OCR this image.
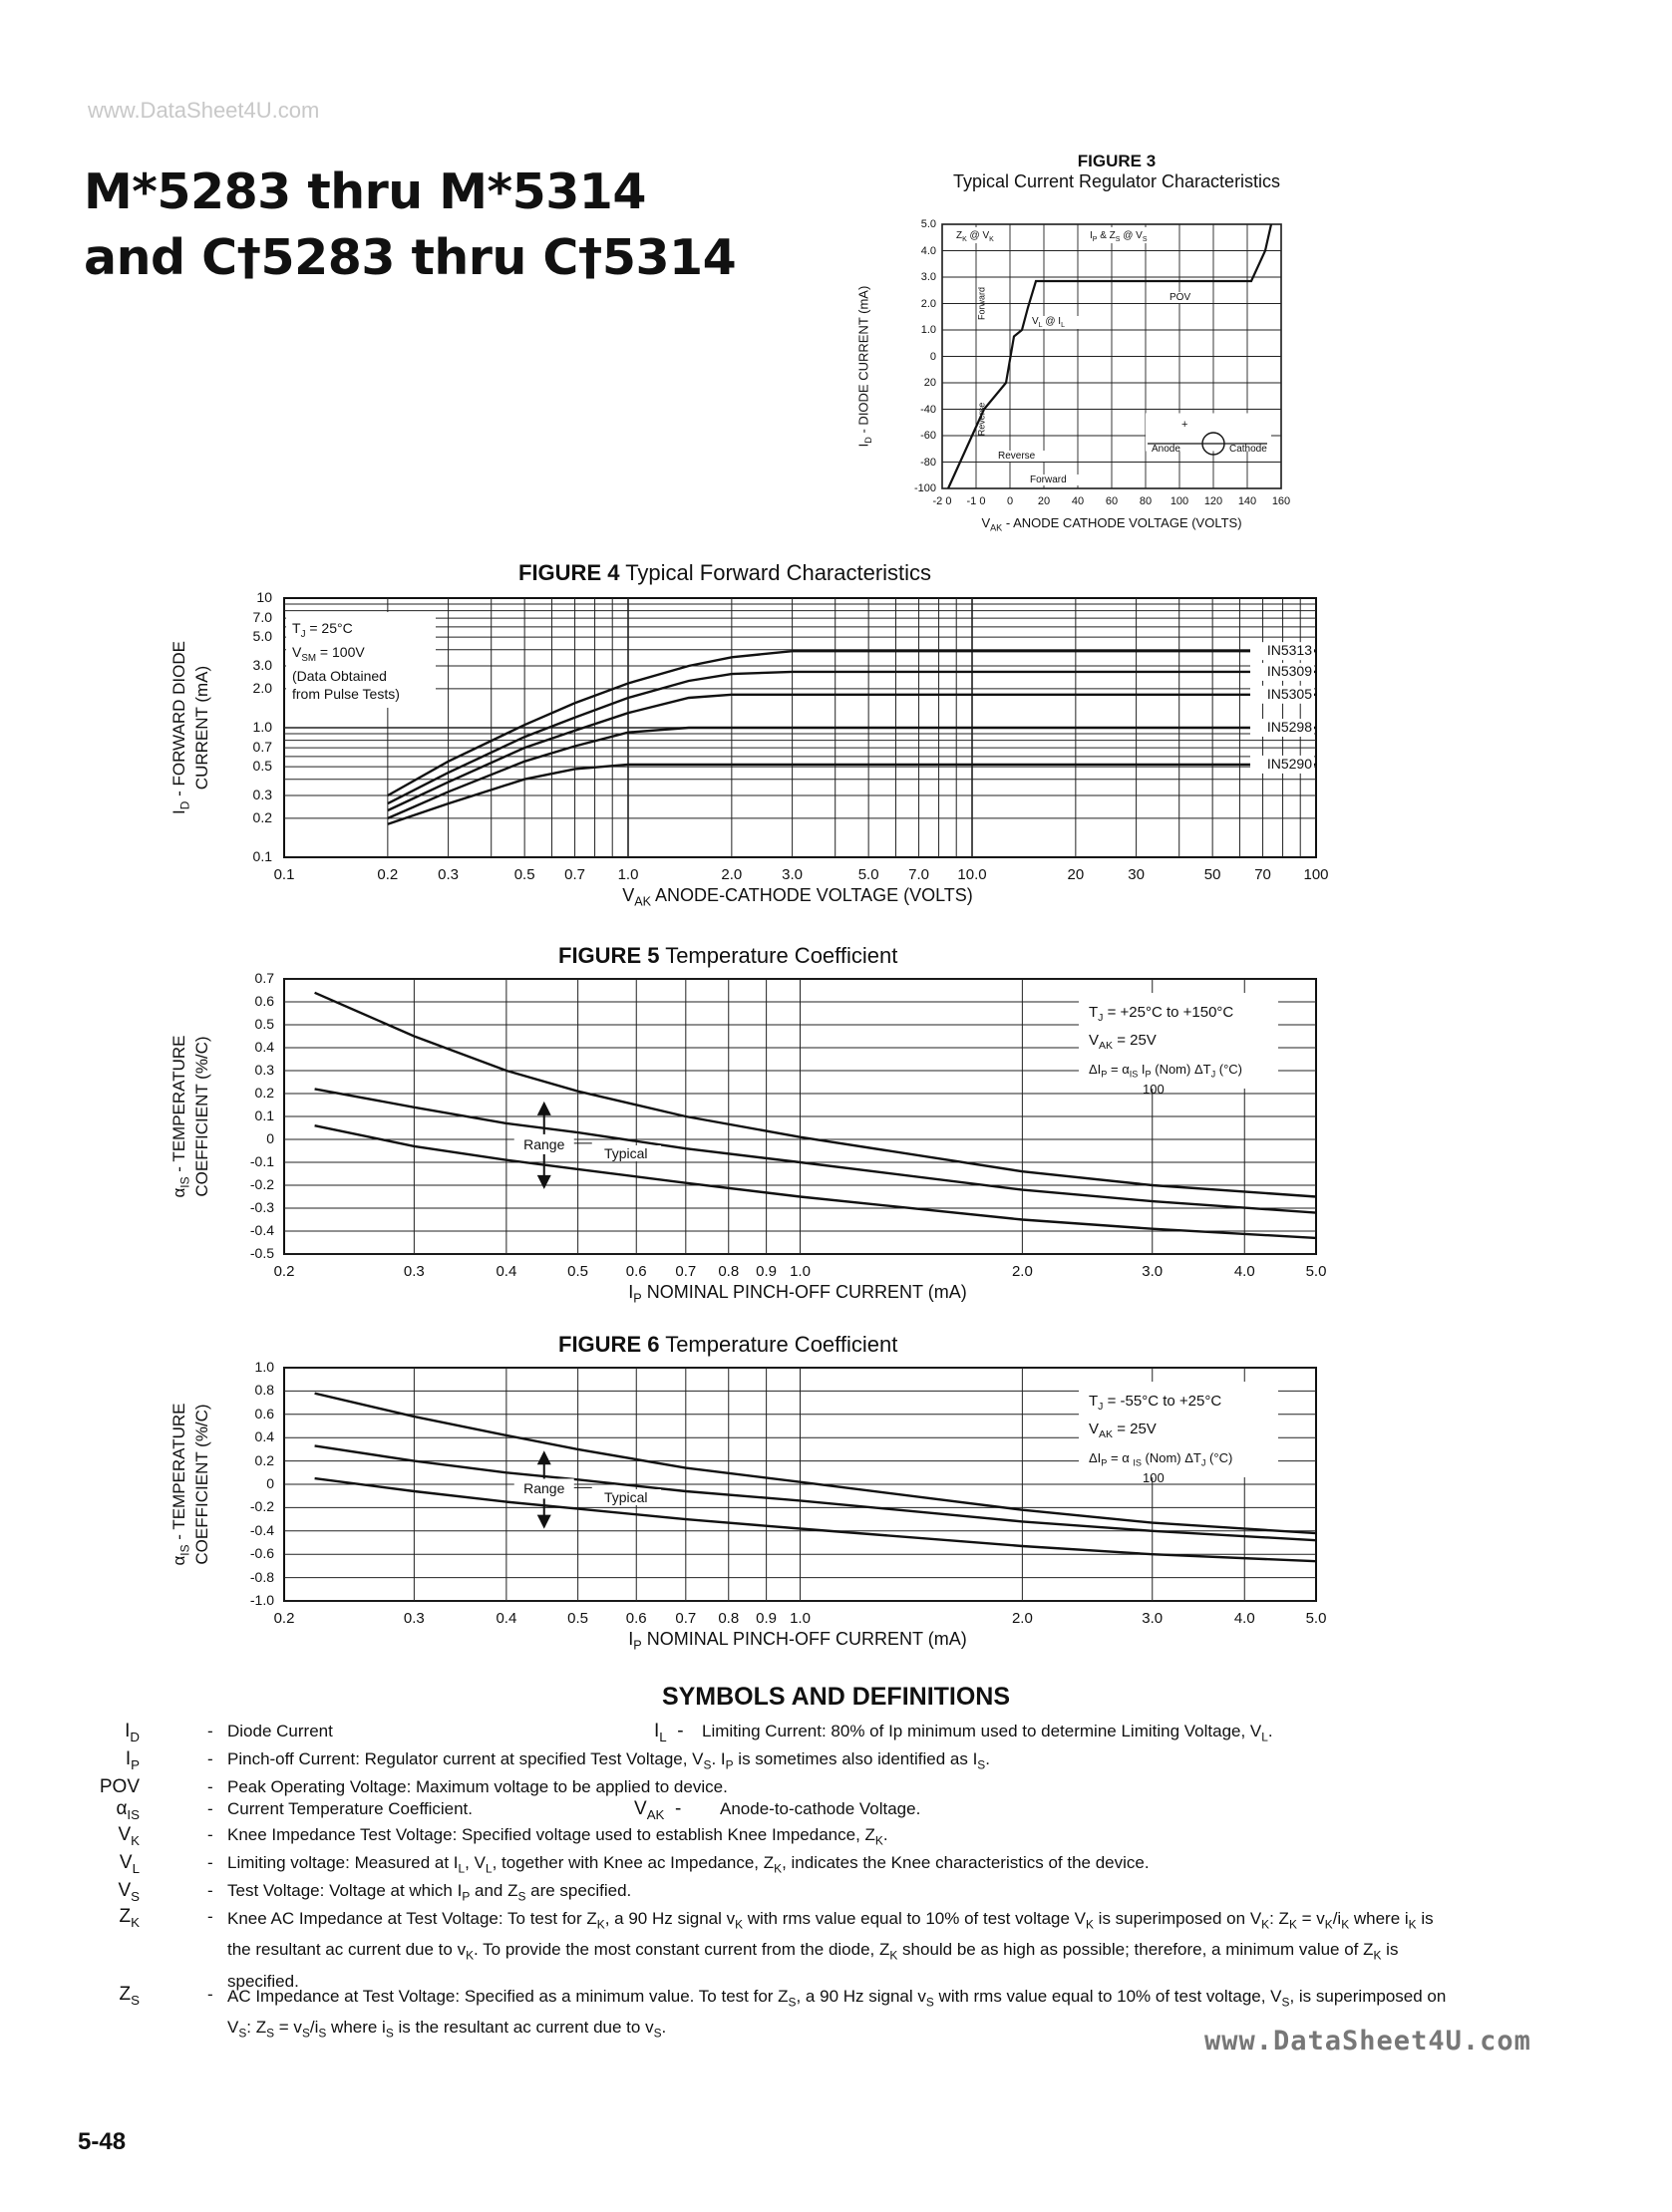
www.DataSheet4U.com
M*5283 thru M*5314
and C†5283 thru C†5314
FIGURE 3
Typical Current Regulator Characteristics
5.0
4.0
3.0
2.0
1.0
0
20
-40
-60
-80
-100
-2 0	-1 0	0	20	40	60	80	100	120	140	160
$V_{AK}$ - ANODE CATHODE VOLTAGE (VOLTS)
$I_D$ - DIODE CURRENT (mA)
$Z_K$ @ $V_K$	$I_P$ & $Z_S$ @ $V_S$
POV
$V_L$ @ $I_L$
Forward
Reverse
Reverse
Forward
+
Anode	Cathode
FIGURE 4 Typical Forward Characteristics
10
7.0
5.0
3.0
2.0
1.0
0.7
0.5
0.3
0.2
0.1
0.1	0.2	0.3	0.5	0.7	1.0	2.0	3.0	5.0	7.0	10.0	20	30	50	70	100
$V_{AK}$ ANODE-CATHODE VOLTAGE (VOLTS)
$I_D$ - FORWARD DIODE CURRENT (mA)
$T_J = 25^\circ C$
$V_{SM} = 100V$
(Data Obtained
from Pulse Tests)
IN5313
IN5309
IN5305
IN5298
IN5290
FIGURE 5 Temperature Coefficient
0.7
0.6
0.5
0.4
0.3
0.2
0.1
0
-0.1
-0.2
-0.3
-0.4
-0.5
0.2	0.3	0.4	0.5	0.6	0.7	0.8	0.9 1.0	2.0	3.0	4.0	5.0
$I_P$ NOMINAL PINCH-OFF CURRENT (mA)
$\alpha_{IS}$ - TEMPERATURE COEFFICIENT (%/C)
$T_J = +25^\circ C$ to +150°C
$V_{AK} = 25V$
$\Delta I_P = \alpha_{IS}$ $I_P$ (Nom) $\Delta T_J$ (°C)
100
Range
Typical
FIGURE 6 Temperature Coefficient
1.0
0.8
0.6
0.4
0.2
0
-0.2
-0.4
-0.6
-0.8
-1.0
0.2	0.3	0.4	0.5	0.6	0.7	0.8	0.9 1.0	2.0	3.0	4.0	5.0
$I_P$ NOMINAL PINCH-OFF CURRENT (mA)
$\alpha_{IS}$ - TEMPERATURE COEFFICIENT (%/C)
$T_J = -55^\circ C$ to +25°C
$V_{AK} = 25V$
$\Delta I_P = \alpha$ $_{IS}$ (Nom) $\Delta T_J$ (°C)
100
Range
Typical
SYMBOLS AND DEFINITIONS
$I_D$	- Diode Current	$I_L$  - Limiting Current: 80% of Ip minimum used to determine Limiting Voltage, $V_L$.
$I_P$	- Pinch-off Current: Regulator current at specified Test Voltage, $V_S$. $I_P$ is sometimes also identified as $I_S$.
POV	- Peak Operating Voltage: Maximum voltage to be applied to device.
$\alpha_{IS}$	- Current Temperature Coefficient.	$V_{AK}$  - Anode-to-cathode Voltage.
$V_K$	- Knee Impedance Test Voltage: Specified voltage used to establish Knee Impedance, $Z_K$.
$V_L$	- Limiting voltage: Measured at $I_L$, $V_L$, together with Knee ac Impedance, $Z_K$, indicates the Knee characteristics of the device.
$V_S$	- Test Voltage: Voltage at which $I_P$ and $Z_S$ are specified.
$Z_K$	- Knee AC Impedance at Test Voltage: To test for $Z_K$, a 90 Hz signal $v_K$ with rms value equal to 10% of test voltage $V_K$ is superimposed on $V_K$: $Z_K = v_K/i_K$ where $i_K$ is the resultant ac current due to $v_K$. To provide the most constant current from the diode, $Z_K$ should be as high as possible; therefore, a minimum value of $Z_K$ is specified.
$Z_S$	- AC Impedance at Test Voltage: Specified as a minimum value. To test for $Z_S$, a 90 Hz signal $v_S$ with rms value equal to 10% of test voltage, $V_S$, is superimposed on $V_S$: $Z_S = v_S/i_S$ where $i_S$ is the resultant ac current due to $v_S$.	www.DataSheet4U.com
5-48
